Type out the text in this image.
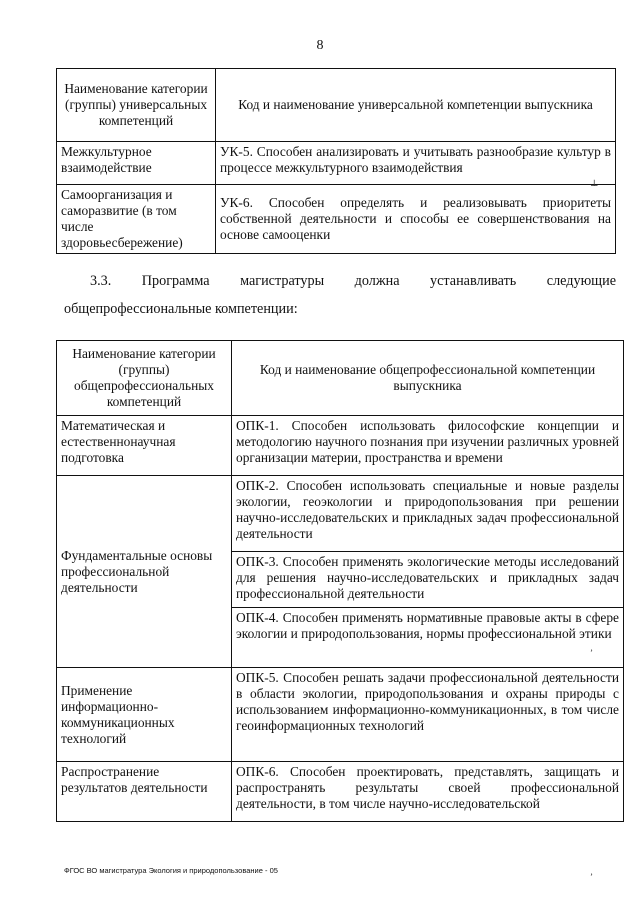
8
Наименование категории (группы) универсальных компетенций	Код и наименование универсальной компетенции выпускника
Межкультурное взаимодействие	УК-5. Способен анализировать и учитывать разнообразие культур в процессе межкультурного взаимодействия
Самоорганизация и саморазвитие (в том числе здоровьесбережение)	УК-6. Способен определять и реализовывать приоритеты собственной деятельности и способы ее совершенствования на основе самооценки
3.3. Программа магистратуры должна устанавливать следующие
общепрофессиональные компетенции:
Наименование категории (группы) общепрофессиональных компетенций	Код и наименование общепрофессиональной компетенции выпускника
Математическая и естественнонаучная подготовка	ОПК-1. Способен использовать философские концепции и методологию научного познания при изучении различных уровней организации материи, пространства и времени
Фундаментальные основы профессиональной деятельности	ОПК-2. Способен использовать специальные и новые разделы экологии, геоэкологии и природопользования при решении научно-исследовательских и прикладных задач профессиональной деятельности
	ОПК-3. Способен применять экологические методы исследований для решения научно-исследовательских и прикладных задач профессиональной деятельности
	ОПК-4. Способен применять нормативные правовые акты в сфере экологии и природопользования, нормы профессиональной этики
Применение информационно-коммуникационных технологий	ОПК-5. Способен решать задачи профессиональной деятельности в области экологии, природопользования и охраны природы с использованием информационно-коммуникационных, в том числе геоинформационных технологий
Распространение результатов деятельности	ОПК-6. Способен проектировать, представлять, защищать и распространять результаты своей профессиональной деятельности, в том числе научно-исследовательской
ФГОС ВО магистратура Экология и природопользование - 05
⊥
ʼ
ʼ
